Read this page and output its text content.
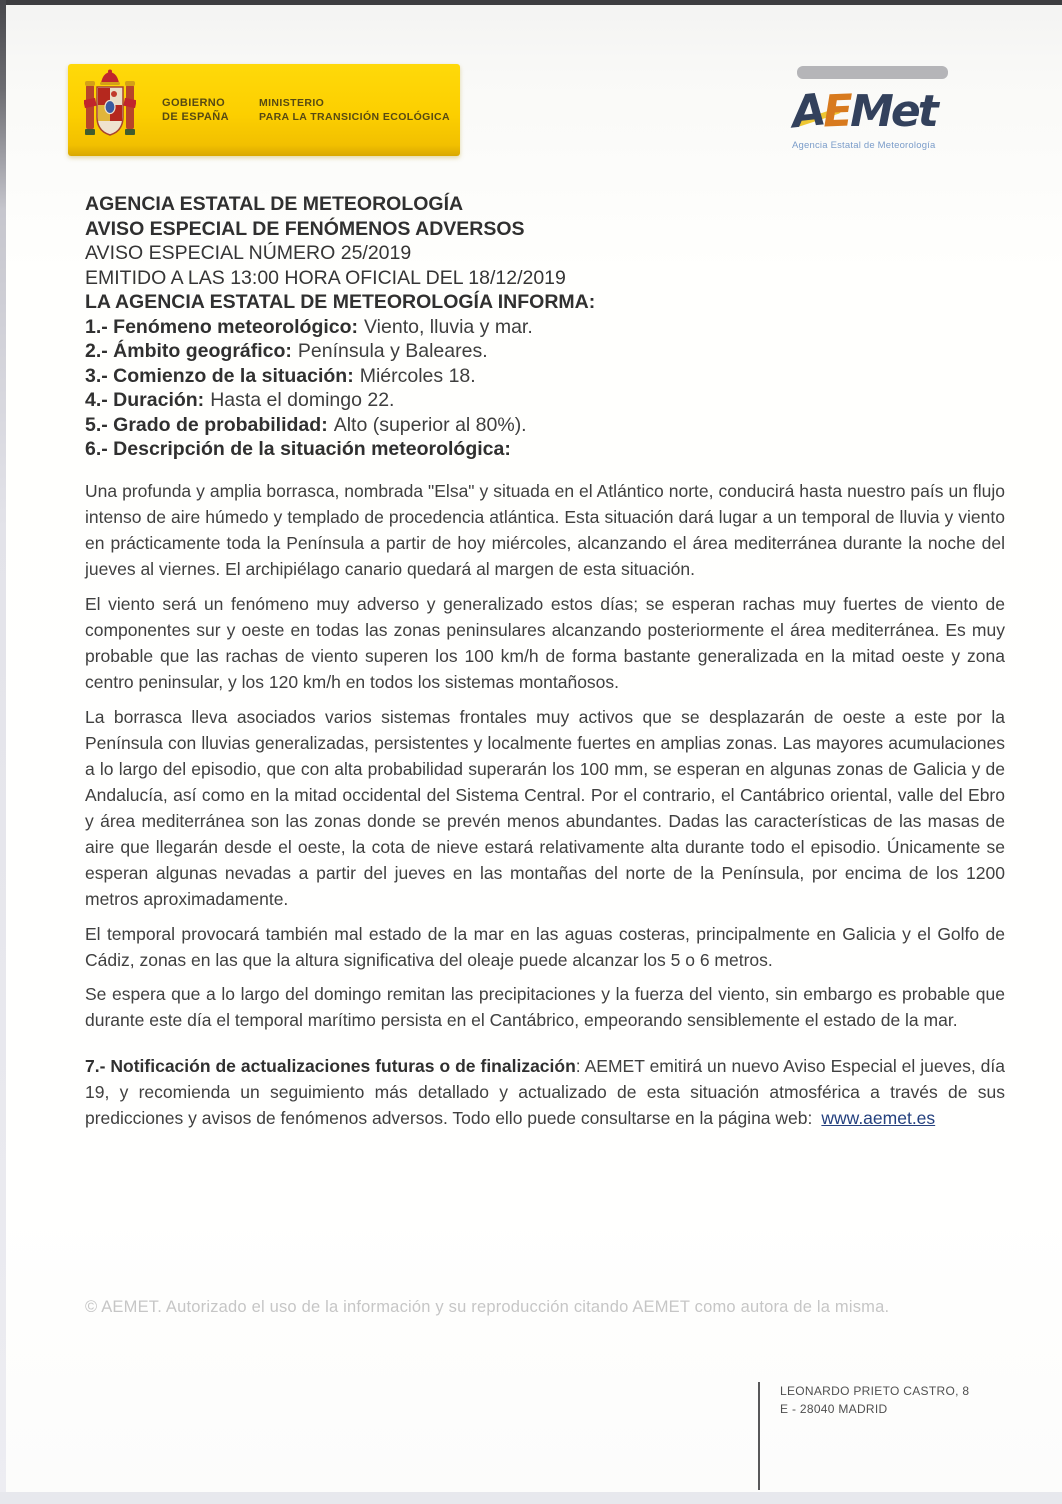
GOBIERNO
DE ESPAÑA
MINISTERIO
PARA LA TRANSICIÓN ECOLÓGICA	AEMet
Agencia Estatal de Meteorología
AGENCIA ESTATAL DE METEOROLOGÍA
AVISO ESPECIAL DE FENÓMENOS ADVERSOS
AVISO ESPECIAL NÚMERO 25/2019
EMITIDO A LAS 13:00 HORA OFICIAL DEL 18/12/2019
LA AGENCIA ESTATAL DE METEOROLOGÍA INFORMA:
1.- Fenómeno meteorológico: Viento, lluvia y mar.
2.- Ámbito geográfico: Península y Baleares.
3.- Comienzo de la situación: Miércoles 18.
4.- Duración: Hasta el domingo 22.
5.- Grado de probabilidad: Alto (superior al 80%).
6.- Descripción de la situación meteorológica:

Una profunda y amplia borrasca, nombrada "Elsa" y situada en el Atlántico norte, conducirá hasta nuestro país un flujo intenso de aire húmedo y templado de procedencia atlántica. Esta situación dará lugar a un temporal de lluvia y viento en prácticamente toda la Península a partir de hoy miércoles, alcanzando el área mediterránea durante la noche del jueves al viernes. El archipiélago canario quedará al margen de esta situación.

El viento será un fenómeno muy adverso y generalizado estos días; se esperan rachas muy fuertes de viento de componentes sur y oeste en todas las zonas peninsulares alcanzando posteriormente el área mediterránea. Es muy probable que las rachas de viento superen los 100 km/h de forma bastante generalizada en la mitad oeste y zona centro peninsular, y los 120 km/h en todos los sistemas montañosos.

La borrasca lleva asociados varios sistemas frontales muy activos que se desplazarán de oeste a este por la Península con lluvias generalizadas, persistentes y localmente fuertes en amplias zonas. Las mayores acumulaciones a lo largo del episodio, que con alta probabilidad superarán los 100 mm, se esperan en algunas zonas de Galicia y de Andalucía, así como en la mitad occidental del Sistema Central. Por el contrario, el Cantábrico oriental, valle del Ebro y área mediterránea son las zonas donde se prevén menos abundantes. Dadas las características de las masas de aire que llegarán desde el oeste, la cota de nieve estará relativamente alta durante todo el episodio. Únicamente se esperan algunas nevadas a partir del jueves en las montañas del norte de la Península, por encima de los 1200 metros aproximadamente.

El temporal provocará también mal estado de la mar en las aguas costeras, principalmente en Galicia y el Golfo de Cádiz, zonas en las que la altura significativa del oleaje puede alcanzar los 5 o 6 metros.

Se espera que a lo largo del domingo remitan las precipitaciones y la fuerza del viento, sin embargo es probable que durante este día el temporal marítimo persista en el Cantábrico, empeorando sensiblemente el estado de la mar.

7.- Notificación de actualizaciones futuras o de finalización: AEMET emitirá un nuevo Aviso Especial el jueves, día 19, y recomienda un seguimiento más detallado y actualizado de esta situación atmosférica a través de sus predicciones y avisos de fenómenos adversos. Todo ello puede consultarse en la página web: www.aemet.es
© AEMET. Autorizado el uso de la información y su reproducción citando AEMET como autora de la misma.
LEONARDO PRIETO CASTRO, 8
E - 28040 MADRID
